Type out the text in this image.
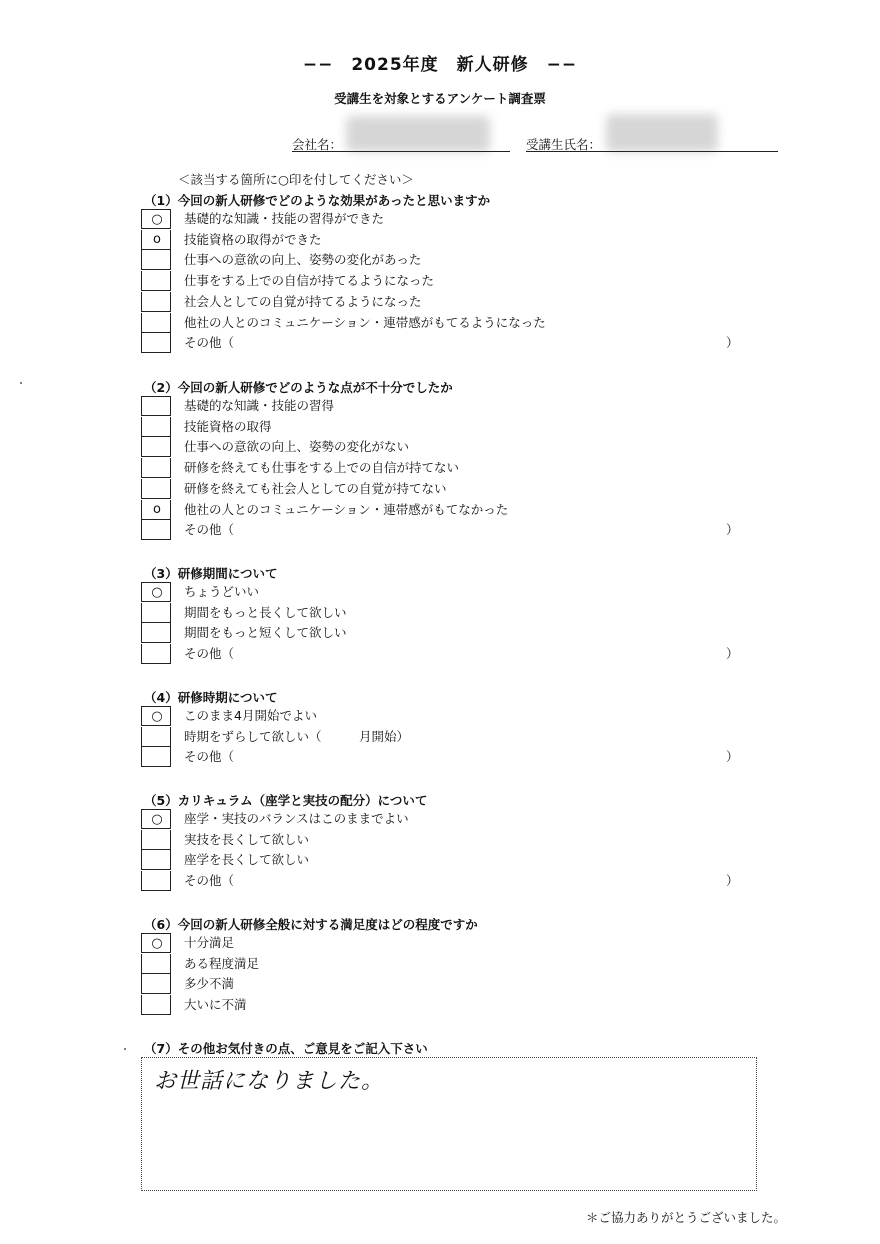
−−　2025年度　新人研修　−−
受講生を対象とするアンケート調査票
会社名：	受講生氏名：
＜該当する箇所に○印を付してください＞
（1）今回の新人研修でどのような効果があったと思いますか
○	基礎的な知識・技能の習得ができた
o	技能資格の取得ができた
仕事への意欲の向上、姿勢の変化があった
仕事をする上での自信が持てるようになった
社会人としての自覚が持てるようになった
他社の人とのコミュニケーション・連帯感がもてるようになった
その他（	）
（2）今回の新人研修でどのような点が不十分でしたか
基礎的な知識・技能の習得
技能資格の取得
仕事への意欲の向上、姿勢の変化がない
研修を終えても仕事をする上での自信が持てない
研修を終えても社会人としての自覚が持てない
o	他社の人とのコミュニケーション・連帯感がもてなかった
その他（	）
（3）研修期間について
○	ちょうどいい
期間をもっと長くして欲しい
期間をもっと短くして欲しい
その他（	）
（4）研修時期について
○	このまま4月開始でよい
時期をずらして欲しい（　　　月開始）
その他（	）
（5）カリキュラム（座学と実技の配分）について
○	座学・実技のバランスはこのままでよい
実技を長くして欲しい
座学を長くして欲しい
その他（	）
（6）今回の新人研修全般に対する満足度はどの程度ですか
○	十分満足
ある程度満足
多少不満
大いに不満
（7）その他お気付きの点、ご意見をご記入下さい
お世話になりました。
＊ご協力ありがとうございました。
